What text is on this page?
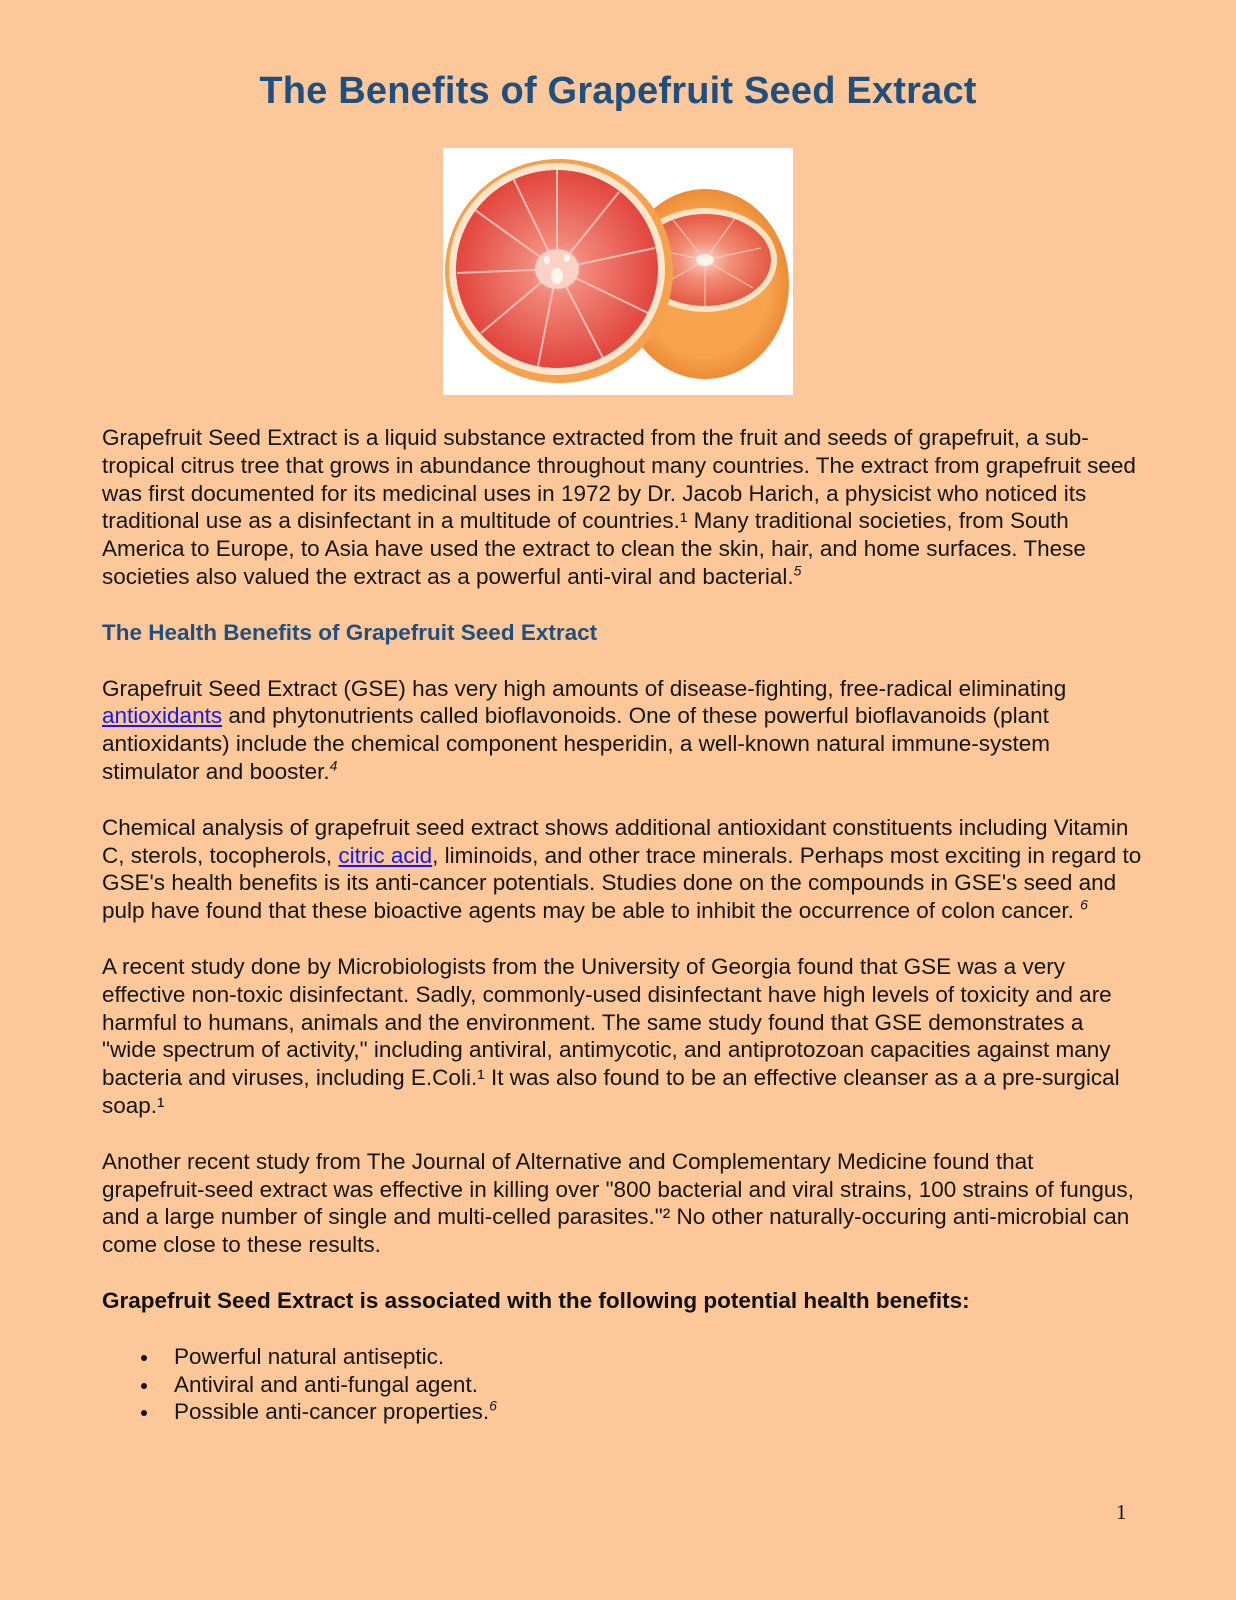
The Benefits of Grapefruit Seed Extract

Grapefruit Seed Extract is a liquid substance extracted from the fruit and seeds of grapefruit, a sub-tropical citrus tree that grows in abundance throughout many countries. The extract from grapefruit seed was first documented for its medicinal uses in 1972 by Dr. Jacob Harich, a physicist who noticed its traditional use as a disinfectant in a multitude of countries.¹ Many traditional societies, from South America to Europe, to Asia have used the extract to clean the skin, hair, and home surfaces. These societies also valued the extract as a powerful anti-viral and bacterial.$^5$

The Health Benefits of Grapefruit Seed Extract

Grapefruit Seed Extract (GSE) has very high amounts of disease-fighting, free-radical eliminating antioxidants and phytonutrients called bioflavonoids. One of these powerful bioflavanoids (plant antioxidants) include the chemical component hesperidin, a well-known natural immune-system stimulator and booster.$^4$

Chemical analysis of grapefruit seed extract shows additional antioxidant constituents including Vitamin C, sterols, tocopherols, citric acid, liminoids, and other trace minerals. Perhaps most exciting in regard to GSE's health benefits is its anti-cancer potentials. Studies done on the compounds in GSE's seed and pulp have found that these bioactive agents may be able to inhibit the occurrence of colon cancer. $^6$

A recent study done by Microbiologists from the University of Georgia found that GSE was a very effective non-toxic disinfectant. Sadly, commonly-used disinfectant have high levels of toxicity and are harmful to humans, animals and the environment. The same study found that GSE demonstrates a "wide spectrum of activity," including antiviral, antimycotic, and antiprotozoan capacities against many bacteria and viruses, including E.Coli.¹ It was also found to be an effective cleanser as a a pre-surgical soap.¹

Another recent study from The Journal of Alternative and Complementary Medicine found that grapefruit-seed extract was effective in killing over "800 bacterial and viral strains, 100 strains of fungus, and a large number of single and multi-celled parasites."² No other naturally-occuring anti-microbial can come close to these results.

Grapefruit Seed Extract is associated with the following potential health benefits:
Powerful natural antiseptic.
Antiviral and anti-fungal agent.
Possible anti-cancer properties.$^6$
1
